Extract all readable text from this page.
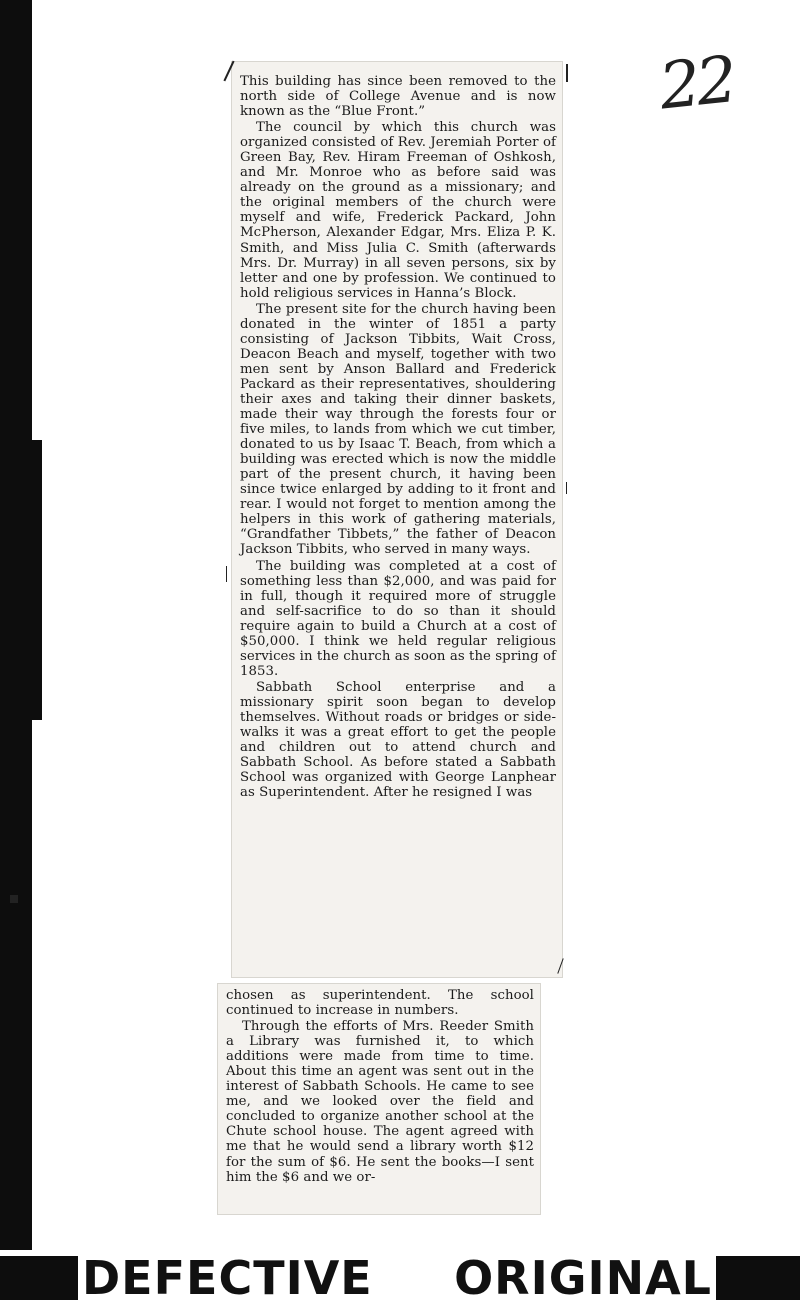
22

This building has since been removed to the north side of College Avenue and is now known as the “Blue Front.”

The council by which this church was organized consisted of Rev. Jeremiah Porter of Green Bay, Rev. Hiram Freeman of Oshkosh, and Mr. Monroe who as before said was already on the ground as a missionary; and the original members of the church were myself and wife, Frederick Packard, John McPherson, Alexander Edgar, Mrs. Eliza P. K. Smith, and Miss Julia C. Smith (afterwards Mrs. Dr. Murray) in all seven persons, six by letter and one by profession. We continued to hold religious services in Hanna’s Block.

The present site for the church having been donated in the winter of 1851 a party consisting of Jackson Tibbits, Wait Cross, Deacon Beach and myself, together with two men sent by Anson Ballard and Frederick Packard as their representatives, shouldering their axes and taking their dinner baskets, made their way through the forests four or five miles, to lands from which we cut timber, donated to us by Isaac T. Beach, from which a building was erected which is now the middle part of the present church, it having been since twice enlarged by adding to it front and rear. I would not forget to mention among the helpers in this work of gathering materials, “Grandfather Tibbets,” the father of Deacon Jackson Tibbits, who served in many ways.

The building was completed at a cost of something less than $2,000, and was paid for in full, though it required more of struggle and self-sacrifice to do so than it should require again to build a Church at a cost of $50,000. I think we held regular religious services in the church as soon as the spring of 1853.

Sabbath School enterprise and a missionary spirit soon began to develop themselves. Without roads or bridges or side-walks it was a great effort to get the people and children out to attend church and Sabbath School. As before stated a Sabbath School was organized with George Lanphear as Superintendent. After he resigned I was

chosen as superintendent. The school continued to increase in numbers.

Through the efforts of Mrs. Reeder Smith a Library was furnished it, to which additions were made from time to time. About this time an agent was sent out in the interest of Sabbath Schools. He came to see me, and we looked over the field and concluded to organize another school at the Chute school house. The agent agreed with me that he would send a library worth $12 for the sum of $6. He sent the books—I sent him the $6 and we or-

DEFECTIVE ORIGINAL
